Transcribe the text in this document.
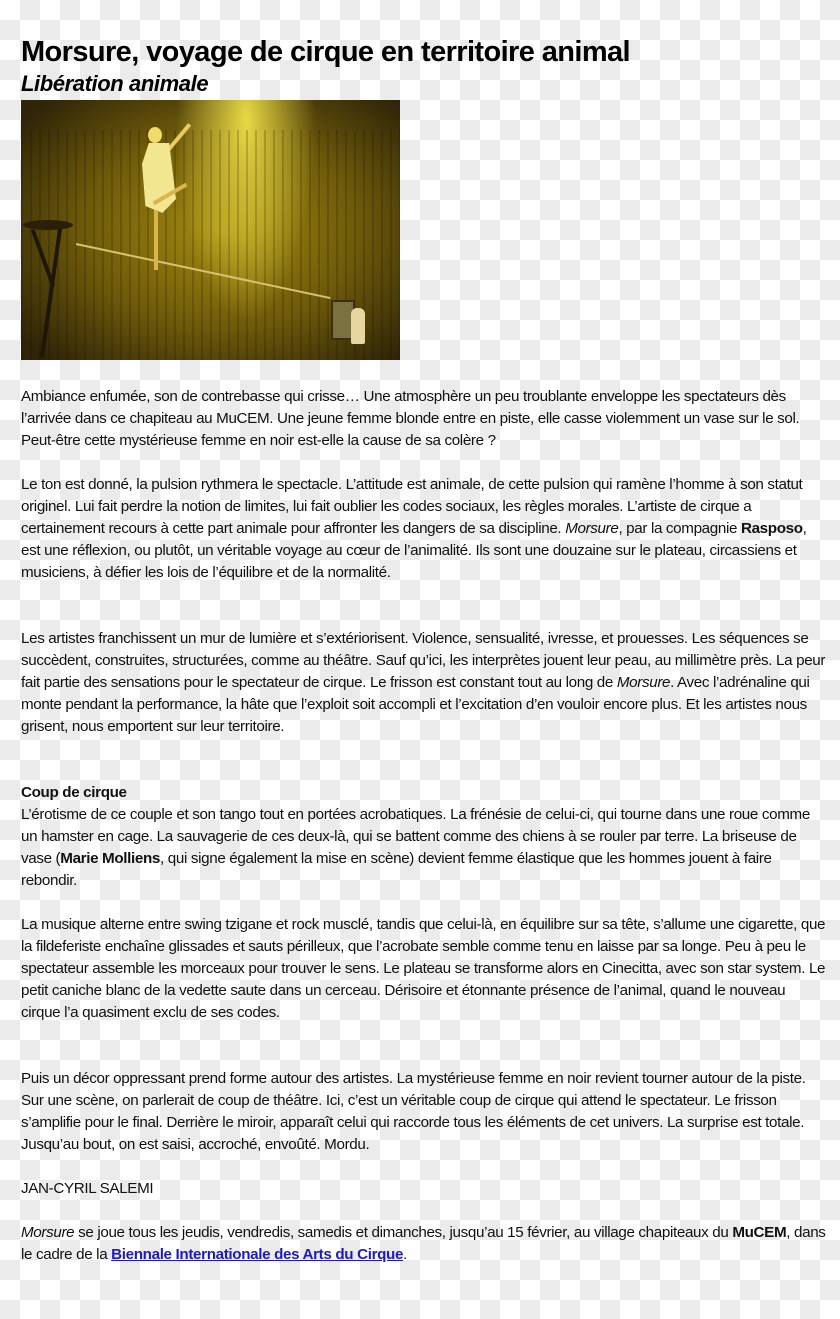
Morsure, voyage de cirque en territoire animal
Libération animale

Ambiance enfumée, son de contrebasse qui crisse… Une atmosphère un peu troublante enveloppe les spectateurs dès l’arrivée dans ce chapiteau au MuCEM. Une jeune femme blonde entre en piste, elle casse violemment un vase sur le sol. Peut-être cette mystérieuse femme en noir est-elle la cause de sa colère ?

Le ton est donné, la pulsion rythmera le spectacle. L’attitude est animale, de cette pulsion qui ramène l’homme à son statut originel. Lui fait perdre la notion de limites, lui fait oublier les codes sociaux, les règles morales. L’artiste de cirque a certainement recours à cette part animale pour affronter les dangers de sa discipline. Morsure, par la compagnie Rasposo, est une réflexion, ou plutôt, un véritable voyage au cœur de l’animalité. Ils sont une douzaine sur le plateau, circassiens et musiciens, à défier les lois de l’équilibre et de la normalité.

Les artistes franchissent un mur de lumière et s’extériorisent. Violence, sensualité, ivresse, et prouesses. Les séquences se succèdent, construites, structurées, comme au théâtre. Sauf qu’ici, les interprètes jouent leur peau, au millimètre près. La peur fait partie des sensations pour le spectateur de cirque. Le frisson est constant tout au long de Morsure. Avec l’adrénaline qui monte pendant la performance, la hâte que l’exploit soit accompli et l’excitation d’en vouloir encore plus. Et les artistes nous grisent, nous emportent sur leur territoire.

Coup de cirque

L’érotisme de ce couple et son tango tout en portées acrobatiques. La frénésie de celui-ci, qui tourne dans une roue comme un hamster en cage. La sauvagerie de ces deux-là, qui se battent comme des chiens à se rouler par terre. La briseuse de vase (Marie Molliens, qui signe également la mise en scène) devient femme élastique que les hommes jouent à faire rebondir.

La musique alterne entre swing tzigane et rock musclé, tandis que celui-là, en équilibre sur sa tête, s’allume une cigarette, que la fildeferiste enchaîne glissades et sauts périlleux, que l’acrobate semble comme tenu en laisse par sa longe. Peu à peu le spectateur assemble les morceaux pour trouver le sens. Le plateau se transforme alors en Cinecitta, avec son star system. Le petit caniche blanc de la vedette saute dans un cerceau. Dérisoire et étonnante présence de l’animal, quand le nouveau cirque l’a quasiment exclu de ses codes.

Puis un décor oppressant prend forme autour des artistes. La mystérieuse femme en noir revient tourner autour de la piste. Sur une scène, on parlerait de coup de théâtre. Ici, c’est un véritable coup de cirque qui attend le spectateur. Le frisson s’amplifie pour le final. Derrière le miroir, apparaît celui qui raccorde tous les éléments de cet univers. La surprise est totale. Jusqu’au bout, on est saisi, accroché, envoûté. Mordu.

JAN-CYRIL SALEMI

Morsure se joue tous les jeudis, vendredis, samedis et dimanches, jusqu’au 15 février, au village chapiteaux du MuCEM, dans le cadre de la Biennale Internationale des Arts du Cirque.
